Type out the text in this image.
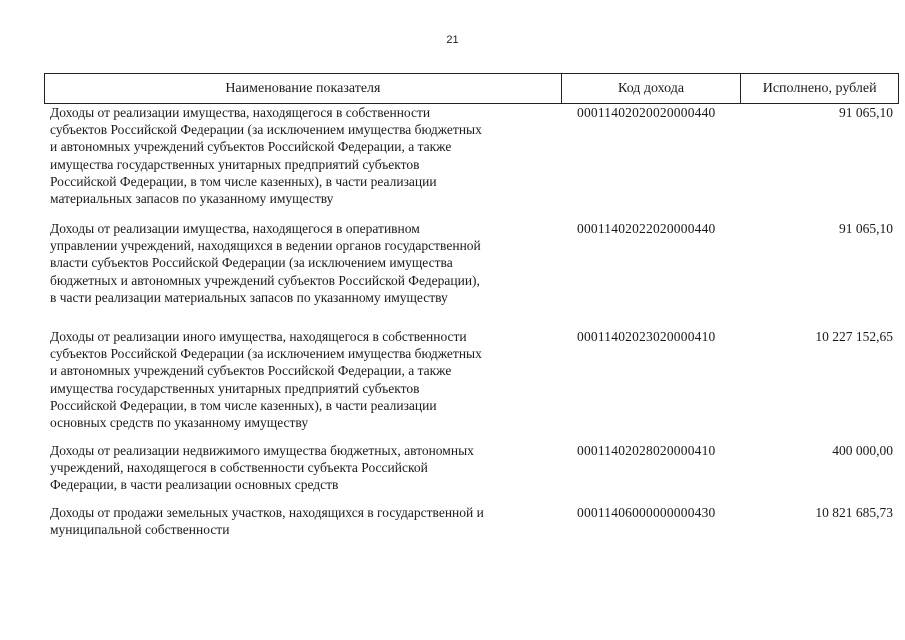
21
Наименование показателя	Код дохода	Исполнено, рублей
Доходы от реализации имущества, находящегося в собственности
субъектов Российской Федерации (за исключением имущества бюджетных
и автономных учреждений субъектов Российской Федерации, а также
имущества государственных унитарных предприятий субъектов
Российской Федерации, в том числе казенных), в части реализации
материальных запасов по указанному имуществу
00011402020020000440	91 065,10
Доходы от реализации имущества, находящегося в оперативном
управлении учреждений, находящихся в ведении органов государственной
власти субъектов Российской Федерации (за исключением имущества
бюджетных и автономных учреждений субъектов Российской Федерации),
в части реализации материальных запасов по указанному имуществу
00011402022020000440	91 065,10
Доходы от реализации иного имущества, находящегося в собственности
субъектов Российской Федерации (за исключением имущества бюджетных
и автономных учреждений субъектов Российской Федерации, а также
имущества государственных унитарных предприятий субъектов
Российской Федерации, в том числе казенных), в части реализации
основных средств по указанному имуществу
00011402023020000410	10 227 152,65
Доходы от реализации недвижимого имущества бюджетных, автономных
учреждений, находящегося в собственности субъекта Российской
Федерации, в части реализации основных средств
00011402028020000410	400 000,00
Доходы от продажи земельных участков, находящихся в государственной и
муниципальной собственности
00011406000000000430	10 821 685,73
